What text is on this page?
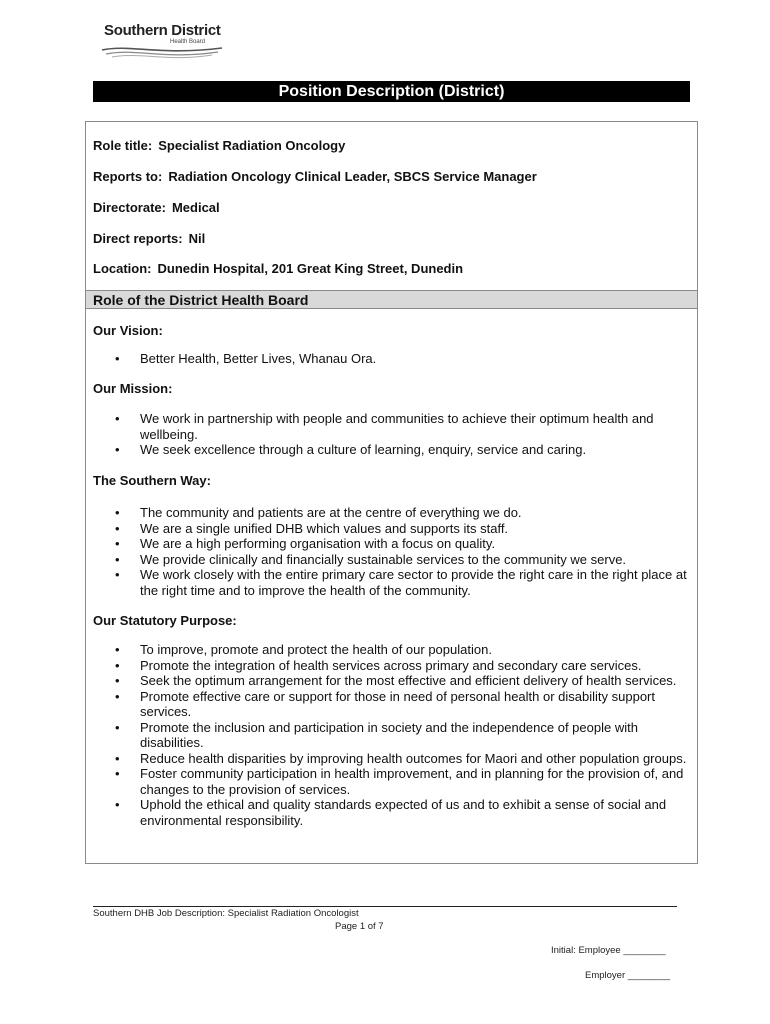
Southern District
Health Board
Position Description (District)
Role title: Specialist Radiation Oncology
Reports to: Radiation Oncology Clinical Leader, SBCS Service Manager
Directorate: Medical
Direct reports: Nil
Location: Dunedin Hospital, 201 Great King Street, Dunedin
Role of the District Health Board
Our Vision:
• Better Health, Better Lives, Whanau Ora.
Our Mission:
• We work in partnership with people and communities to achieve their optimum health and wellbeing.
• We seek excellence through a culture of learning, enquiry, service and caring.
The Southern Way:
• The community and patients are at the centre of everything we do.
• We are a single unified DHB which values and supports its staff.
• We are a high performing organisation with a focus on quality.
• We provide clinically and financially sustainable services to the community we serve.
• We work closely with the entire primary care sector to provide the right care in the right place at the right time and to improve the health of the community.
Our Statutory Purpose:
• To improve, promote and protect the health of our population.
• Promote the integration of health services across primary and secondary care services.
• Seek the optimum arrangement for the most effective and efficient delivery of health services.
• Promote effective care or support for those in need of personal health or disability support services.
• Promote the inclusion and participation in society and the independence of people with disabilities.
• Reduce health disparities by improving health outcomes for Maori and other population groups.
• Foster community participation in health improvement, and in planning for the provision of, and changes to the provision of services.
• Uphold the ethical and quality standards expected of us and to exhibit a sense of social and environmental responsibility.
Southern DHB Job Description: Specialist Radiation Oncologist
Page 1 of 7
Initial: Employee ________
Employer ________
